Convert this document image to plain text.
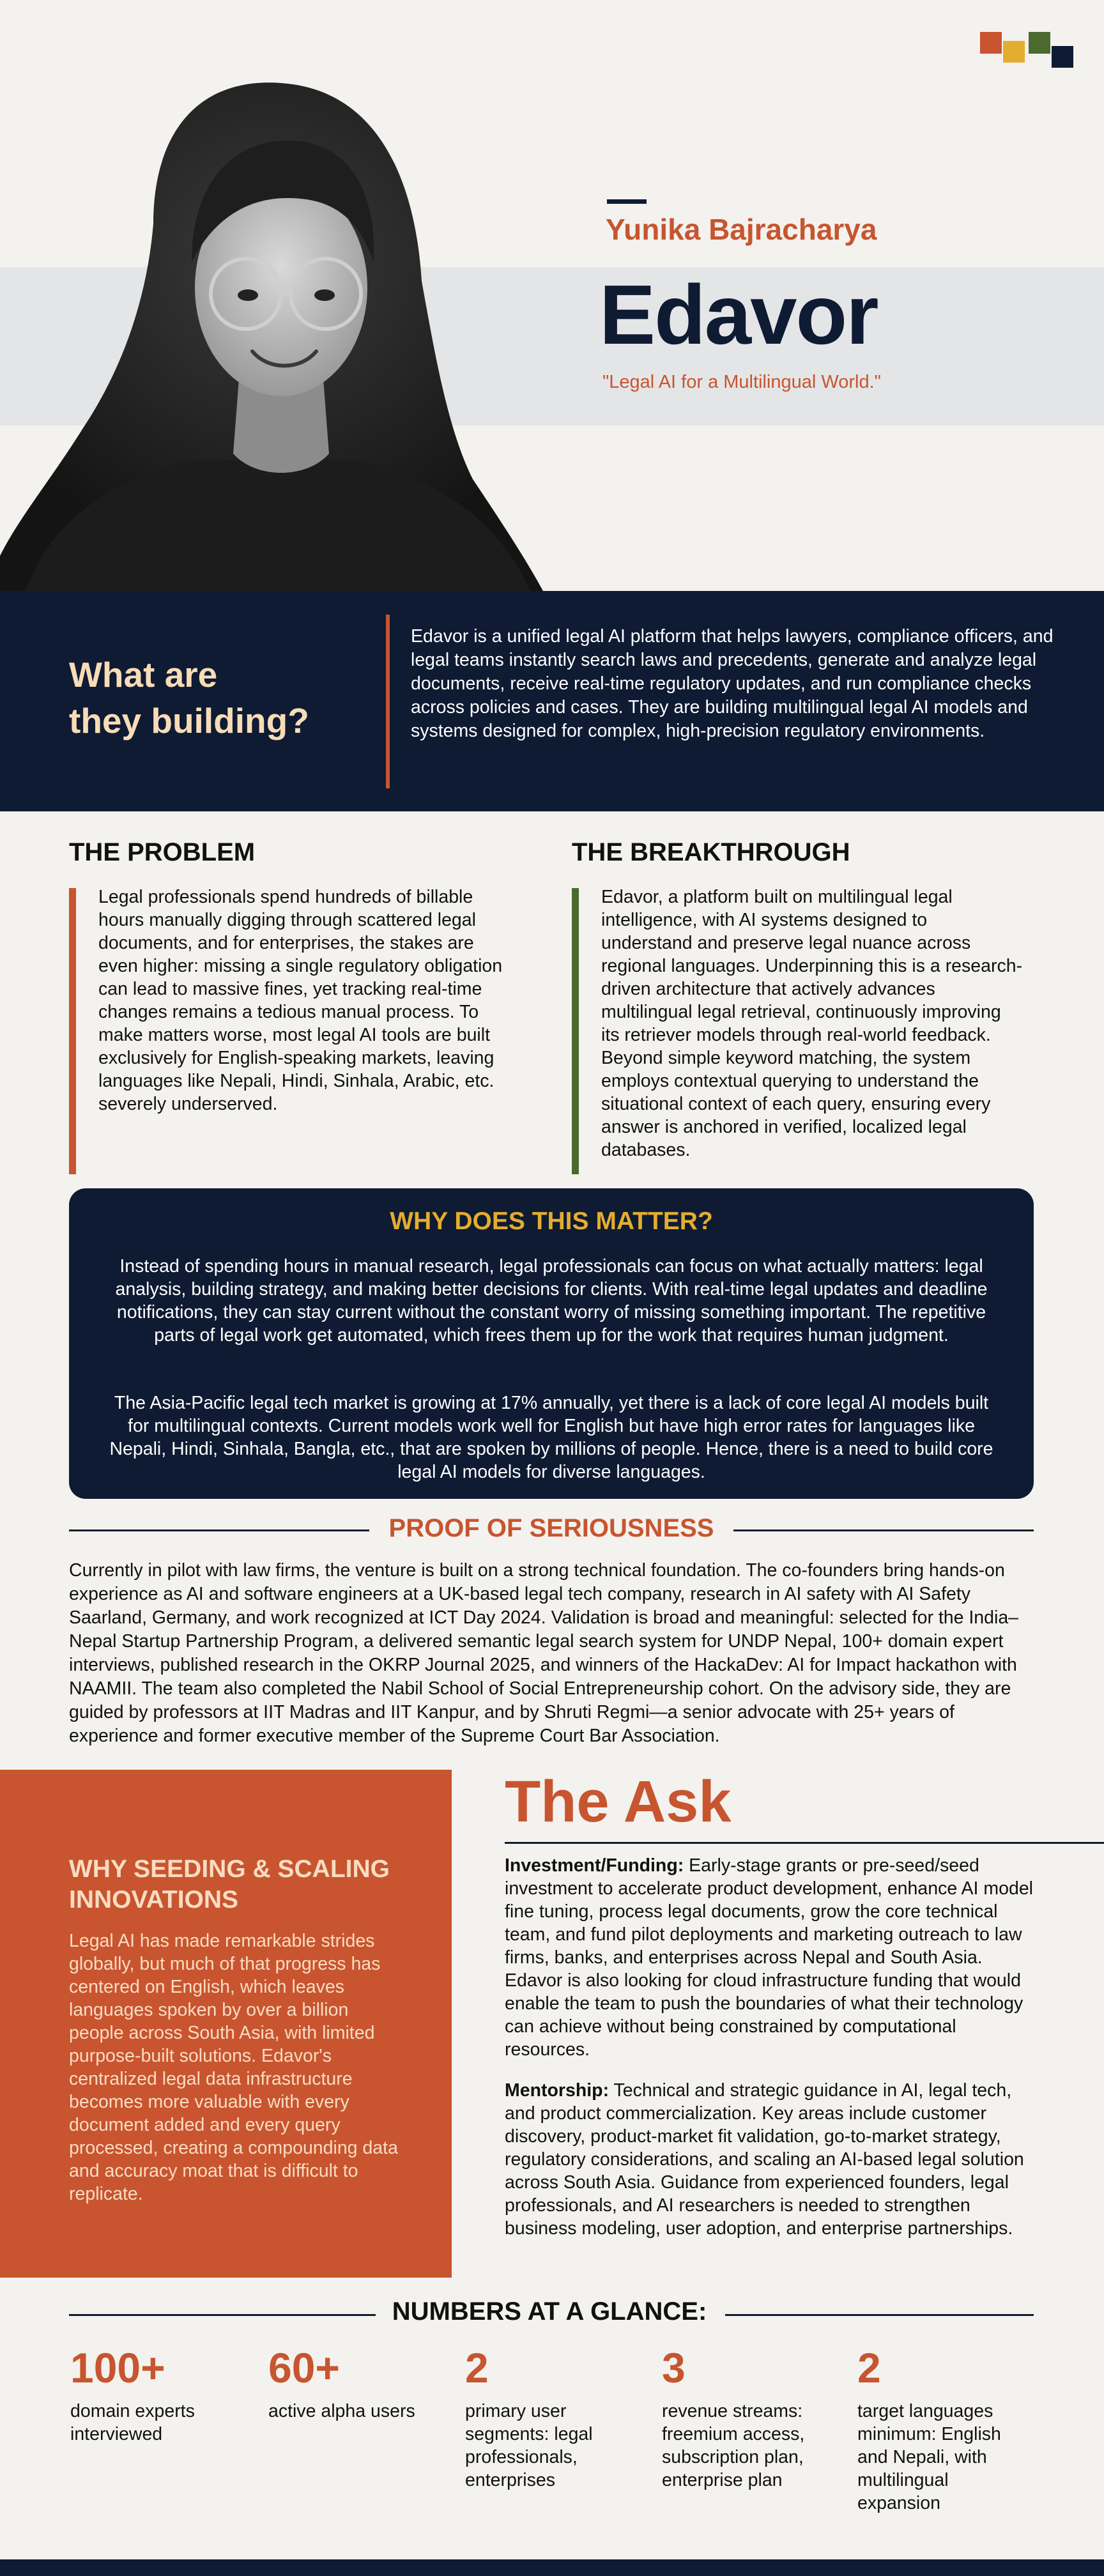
Yunika Bajracharya
Edavor
"Legal AI for a Multilingual World."
What are
they building?
Edavor is a unified legal AI platform that helps lawyers, compliance officers, and legal teams instantly search laws and precedents, generate and analyze legal documents, receive real-time regulatory updates, and run compliance checks across policies and cases. They are building multilingual legal AI models and systems designed for complex, high-precision regulatory environments.
THE PROBLEM
Legal professionals spend hundreds of billable hours manually digging through scattered legal documents, and for enterprises, the stakes are even higher: missing a single regulatory obligation can lead to massive fines, yet tracking real-time changes remains a tedious manual process. To make matters worse, most legal AI tools are built exclusively for English-speaking markets, leaving languages like Nepali, Hindi, Sinhala, Arabic, etc. severely underserved.
THE BREAKTHROUGH
Edavor, a platform built on multilingual legal intelligence, with AI systems designed to understand and preserve legal nuance across regional languages. Underpinning this is a research-driven architecture that actively advances multilingual legal retrieval, continuously improving its retriever models through real-world feedback. Beyond simple keyword matching, the system employs contextual querying to understand the situational context of each query, ensuring every answer is anchored in verified, localized legal databases.
WHY DOES THIS MATTER?
Instead of spending hours in manual research, legal professionals can focus on what actually matters: legal analysis, building strategy, and making better decisions for clients. With real-time legal updates and deadline notifications, they can stay current without the constant worry of missing something important. The repetitive parts of legal work get automated, which frees them up for the work that requires human judgment.
The Asia-Pacific legal tech market is growing at 17% annually, yet there is a lack of core legal AI models built for multilingual contexts. Current models work well for English but have high error rates for languages like Nepali, Hindi, Sinhala, Bangla, etc., that are spoken by millions of people. Hence, there is a need to build core legal AI models for diverse languages.
PROOF OF SERIOUSNESS
Currently in pilot with law firms, the venture is built on a strong technical foundation. The co-founders bring hands-on experience as AI and software engineers at a UK-based legal tech company, research in AI safety with AI Safety Saarland, Germany, and work recognized at ICT Day 2024. Validation is broad and meaningful: selected for the India–Nepal Startup Partnership Program, a delivered semantic legal search system for UNDP Nepal, 100+ domain expert interviews, published research in the OKRP Journal 2025, and winners of the HackaDev: AI for Impact hackathon with NAAMII. The team also completed the Nabil School of Social Entrepreneurship cohort. On the advisory side, they are guided by professors at IIT Madras and IIT Kanpur, and by Shruti Regmi—a senior advocate with 25+ years of experience and former executive member of the Supreme Court Bar Association.
WHY SEEDING & SCALING INNOVATIONS
Legal AI has made remarkable strides globally, but much of that progress has centered on English, which leaves languages spoken by over a billion people across South Asia, with limited purpose-built solutions. Edavor's centralized legal data infrastructure becomes more valuable with every document added and every query processed, creating a compounding data and accuracy moat that is difficult to replicate.
The Ask
Investment/Funding: Early-stage grants or pre-seed/seed investment to accelerate product development, enhance AI model fine tuning, process legal documents, grow the core technical team, and fund pilot deployments and marketing outreach to law firms, banks, and enterprises across Nepal and South Asia. Edavor is also looking for cloud infrastructure funding that would enable the team to push the boundaries of what their technology can achieve without being constrained by computational resources.
Mentorship: Technical and strategic guidance in AI, legal tech, and product commercialization. Key areas include customer discovery, product-market fit validation, go-to-market strategy, regulatory considerations, and scaling an AI-based legal solution across South Asia. Guidance from experienced founders, legal professionals, and AI researchers is needed to strengthen business modeling, user adoption, and enterprise partnerships.
NUMBERS AT A GLANCE:
100+
domain experts interviewed
60+
active alpha users
2
primary user segments: legal professionals, enterprises
3
revenue streams: freemium access, subscription plan, enterprise plan
2
target languages minimum: English and Nepali, with multilingual expansion
